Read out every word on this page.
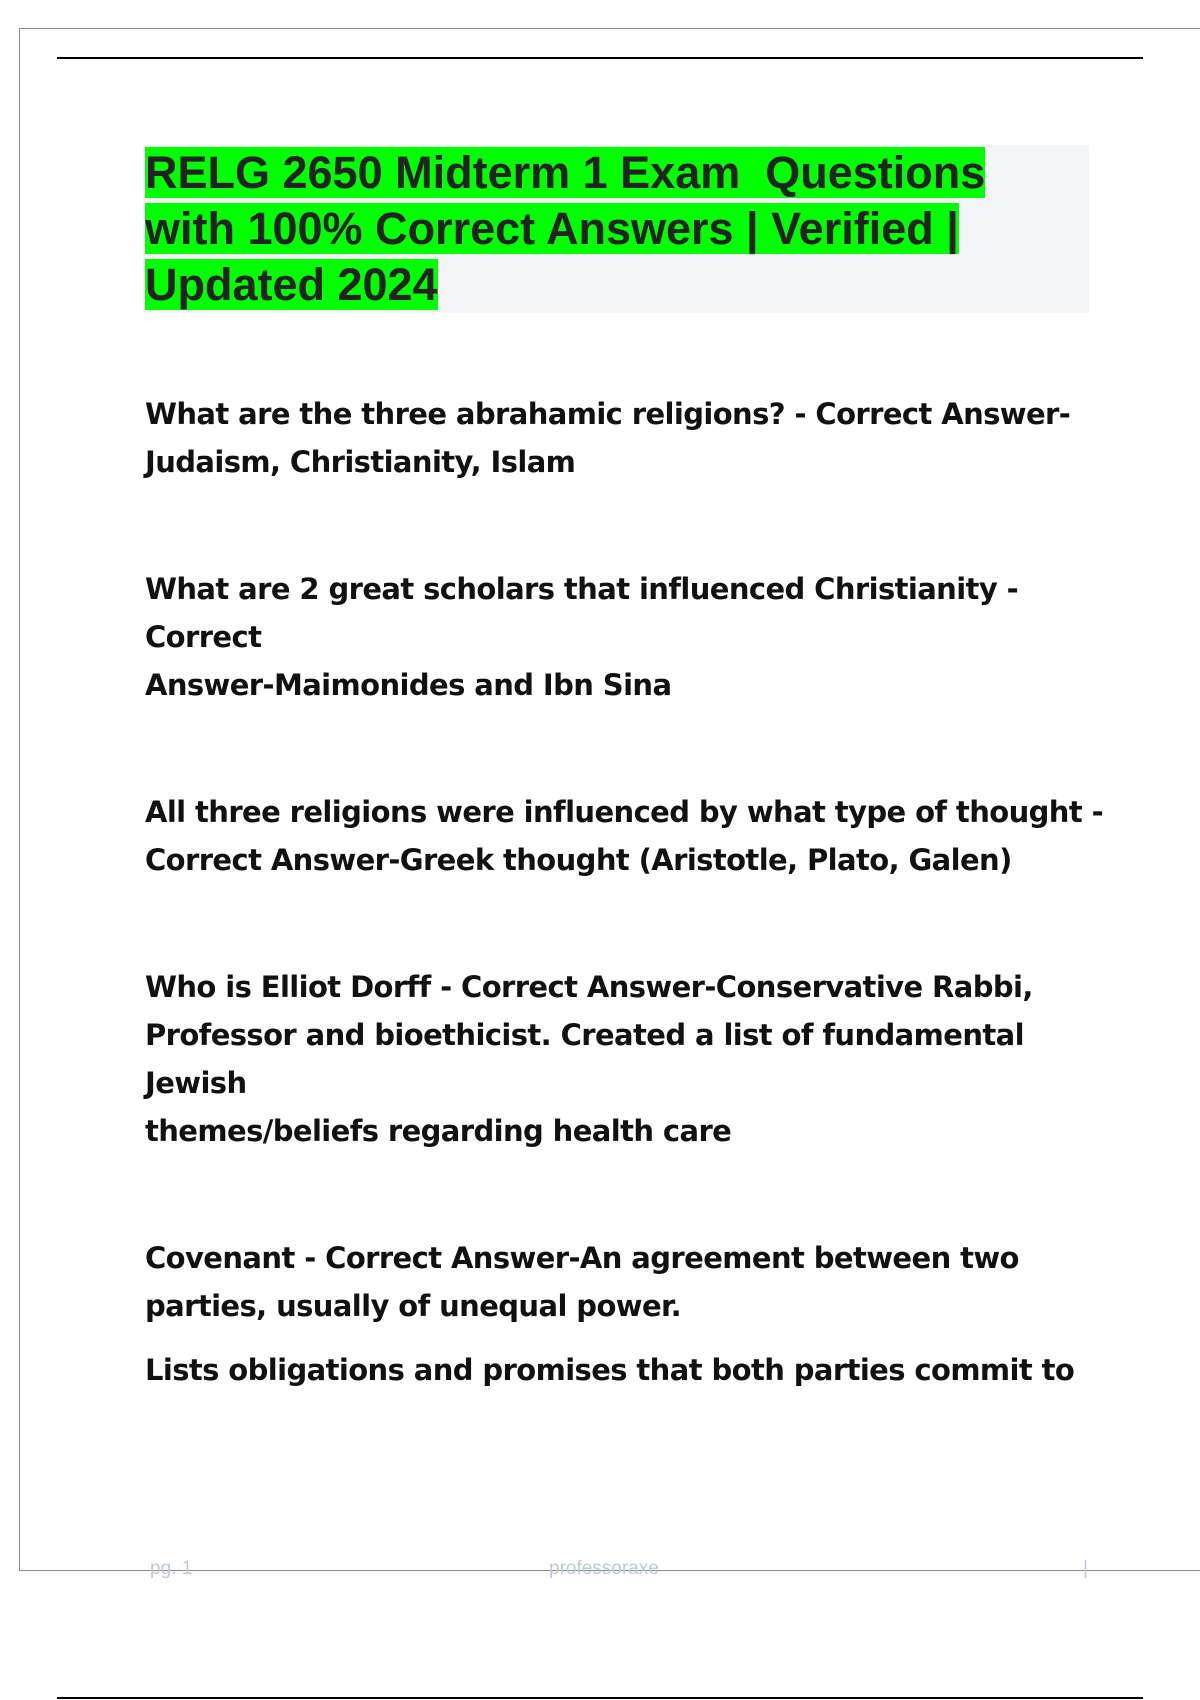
RELG 2650 Midterm 1 Exam  Questions
with 100% Correct Answers | Verified |
Updated 2024

What are the three abrahamic religions? - Correct Answer-
Judaism, Christianity, Islam

What are 2 great scholars that influenced Christianity - Correct
Answer-Maimonides and Ibn Sina

All three religions were influenced by what type of thought -
Correct Answer-Greek thought (Aristotle, Plato, Galen)

Who is Elliot Dorff - Correct Answer-Conservative Rabbi,
Professor and bioethicist. Created a list of fundamental Jewish
themes/beliefs regarding health care

Covenant - Correct Answer-An agreement between two
parties, usually of unequal power.

Lists obligations and promises that both parties commit to

pg. 1	professoraxe	|
